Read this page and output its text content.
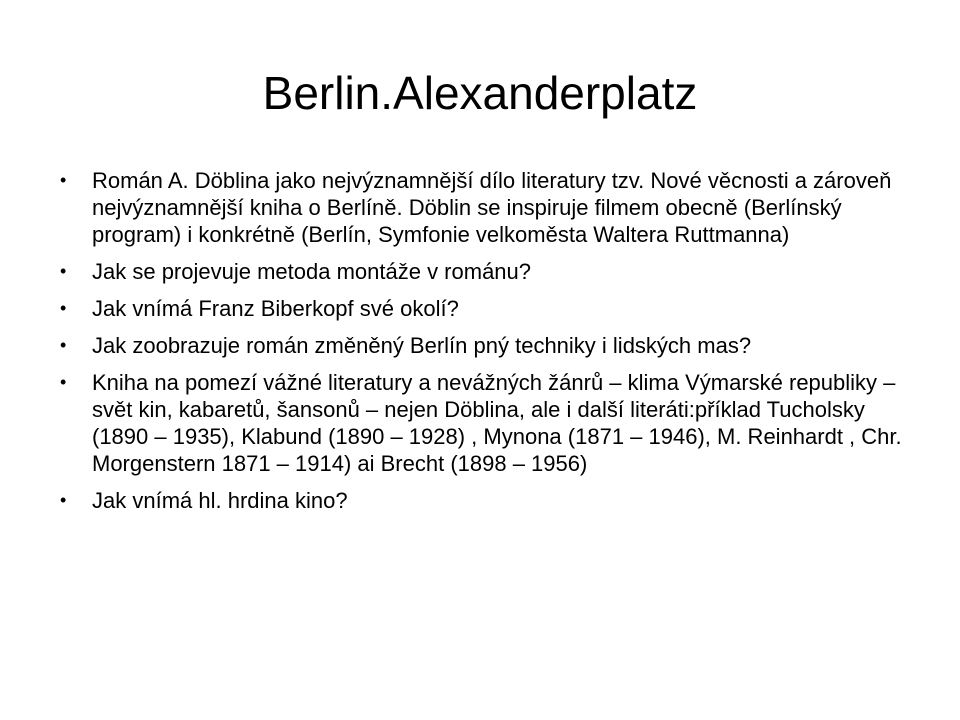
Berlin.Alexanderplatz
•	Román A. Döblina jako nejvýznamnější dílo literatury tzv. Nové věcnosti a zároveň nejvýznamnější kniha o Berlíně. Döblin se inspiruje filmem obecně (Berlínský program) i konkrétně (Berlín, Symfonie velkoměsta Waltera Ruttmanna)
•	Jak se projevuje metoda montáže v románu?
•	Jak vnímá Franz Biberkopf své okolí?
•	Jak zoobrazuje román změněný Berlín pný techniky i lidských mas?
•	Kniha na pomezí vážné literatury a nevážných žánrů – klima Výmarské republiky – svět kin, kabaretů, šansonů – nejen Döblina, ale i další literáti:příklad Tucholsky (1890 – 1935), Klabund (1890 – 1928) , Mynona (1871 – 1946), M. Reinhardt , Chr. Morgenstern 1871 – 1914) ai Brecht (1898 – 1956)
•	Jak vnímá hl. hrdina kino?
